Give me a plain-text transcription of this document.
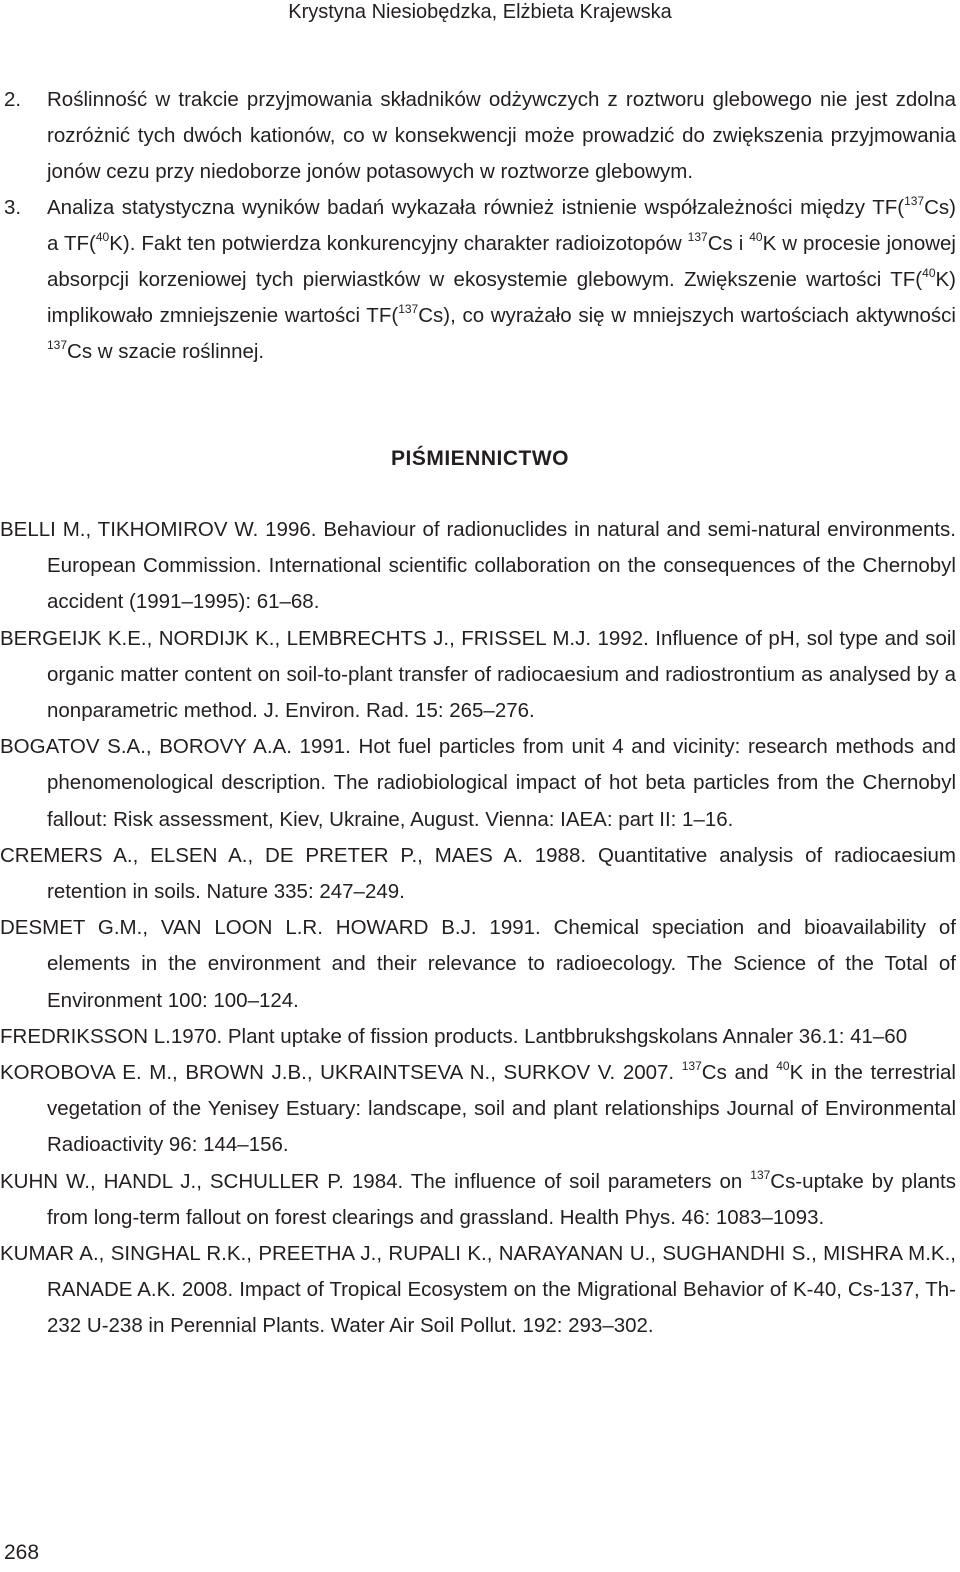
Krystyna Niesiobędzka, Elżbieta Krajewska
2. Roślinność w trakcie przyjmowania składników odżywczych z roztworu glebowego nie jest zdolna rozróżnić tych dwóch kationów, co w konsekwencji może prowadzić do zwiększenia przyjmowania jonów cezu przy niedoborze jonów potasowych w roztworze glebowym.
3. Analiza statystyczna wyników badań wykazała również istnienie współzależności między TF($^{137}$Cs) a TF($^{40}$K). Fakt ten potwierdza konkurencyjny charakter radioizotopów $^{137}$Cs i $^{40}$K w procesie jonowej absorpcji korzeniowej tych pierwiastków w ekosystemie glebowym. Zwiększenie wartości TF($^{40}$K) implikowało zmniejszenie wartości TF($^{137}$Cs), co wyrażało się w mniejszych wartościach aktywności $^{137}$Cs w szacie roślinnej.
PIŚMIENNICTWO
BELLI M., TIKHOMIROV W. 1996. Behaviour of radionuclides in natural and semi-natural environments. European Commission. International scientific collaboration on the consequences of the Chernobyl accident (1991–1995): 61–68.
BERGEIJK K.E., NORDIJK K., LEMBRECHTS J., FRISSEL M.J. 1992. Influence of pH, sol type and soil organic matter content on soil-to-plant transfer of radiocaesium and radiostrontium as analysed by a nonparametric method. J. Environ. Rad. 15: 265–276.
BOGATOV S.A., BOROVY A.A. 1991. Hot fuel particles from unit 4 and vicinity: research methods and phenomenological description. The radiobiological impact of hot beta particles from the Chernobyl fallout: Risk assessment, Kiev, Ukraine, August. Vienna: IAEA: part II: 1–16.
CREMERS A., ELSEN A., DE PRETER P., MAES A. 1988. Quantitative analysis of radiocaesium retention in soils. Nature 335: 247–249.
DESMET G.M., VAN LOON L.R. HOWARD B.J. 1991. Chemical speciation and bioavailability of elements in the environment and their relevance to radioecology. The Science of the Total of Environment 100: 100–124.
FREDRIKSSON L.1970. Plant uptake of fission products. Lantbbrukshgskolans Annaler 36.1: 41–60
KOROBOVA E. M., BROWN J.B., UKRAINTSEVA N., SURKOV V. 2007. $^{137}$Cs and $^{40}$K in the terrestrial vegetation of the Yenisey Estuary: landscape, soil and plant relationships Journal of Environmental Radioactivity 96: 144–156.
KUHN W., HANDL J., SCHULLER P. 1984. The influence of soil parameters on $^{137}$Cs-uptake by plants from long-term fallout on forest clearings and grassland. Health Phys. 46: 1083–1093.
KUMAR A., SINGHAL R.K., PREETHA J., RUPALI K., NARAYANAN U., SUGHANDHI S., MISHRA M.K., RANADE A.K. 2008. Impact of Tropical Ecosystem on the Migrational Behavior of K-40, Cs-137, Th-232 U-238 in Perennial Plants. Water Air Soil Pollut. 192: 293–302.
268
